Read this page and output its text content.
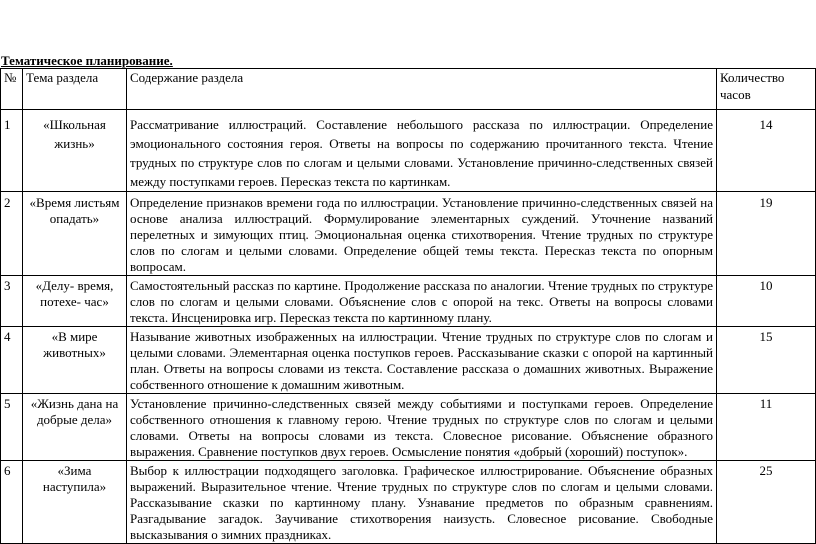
Тематическое планирование.
№	Тема раздела	Содержание раздела	Количество часов
1	«Школьная жизнь»	Рассматривание иллюстраций. Составление небольшого рассказа по иллюстрации. Определение эмоционального состояния героя. Ответы на вопросы по содержанию прочитанного текста. Чтение трудных по структуре слов по слогам и целыми словами. Установление причинно-следственных связей между поступками героев. Пересказ текста по картинкам.	14
2	«Время листьям опадать»	Определение признаков времени года по иллюстрации. Установление причинно-следственных связей на основе анализа иллюстраций. Формулирование элементарных суждений. Уточнение названий перелетных и зимующих птиц. Эмоциональная оценка стихотворения. Чтение трудных по структуре слов по слогам и целыми словами. Определение общей темы текста. Пересказ текста по опорным вопросам.	19
3	«Делу- время, потехе- час»	Самостоятельный рассказ по картине. Продолжение рассказа по аналогии. Чтение трудных по структуре слов по слогам и целыми словами. Объяснение слов с опорой на текс. Ответы на вопросы словами текста. Инсценировка игр. Пересказ текста по картинному плану.	10
4	«В мире животных»	Называние животных изображенных на иллюстрации. Чтение трудных по структуре слов по слогам и целыми словами. Элементарная оценка поступков героев. Рассказывание сказки с опорой на картинный план. Ответы на вопросы словами из текста. Составление рассказа о домашних животных. Выражение собственного отношение к домашним животным.	15
5	«Жизнь дана на добрые дела»	Установление причинно-следственных связей между событиями и поступками героев. Определение собственного отношения к главному герою. Чтение трудных по структуре слов по слогам и целыми словами. Ответы на вопросы словами из текста. Словесное рисование. Объяснение образного выражения. Сравнение поступков двух героев. Осмысление понятия «добрый (хороший) поступок».	11
6	«Зима наступила»	Выбор к иллюстрации подходящего заголовка. Графическое иллюстрирование. Объяснение образных выражений. Выразительное чтение. Чтение трудных по структуре слов по слогам и целыми словами. Рассказывание сказки по картинному плану. Узнавание предметов по образным сравнениям. Разгадывание загадок. Заучивание стихотворения наизусть. Словесное рисование. Свободные высказывания о зимних праздниках.	25
